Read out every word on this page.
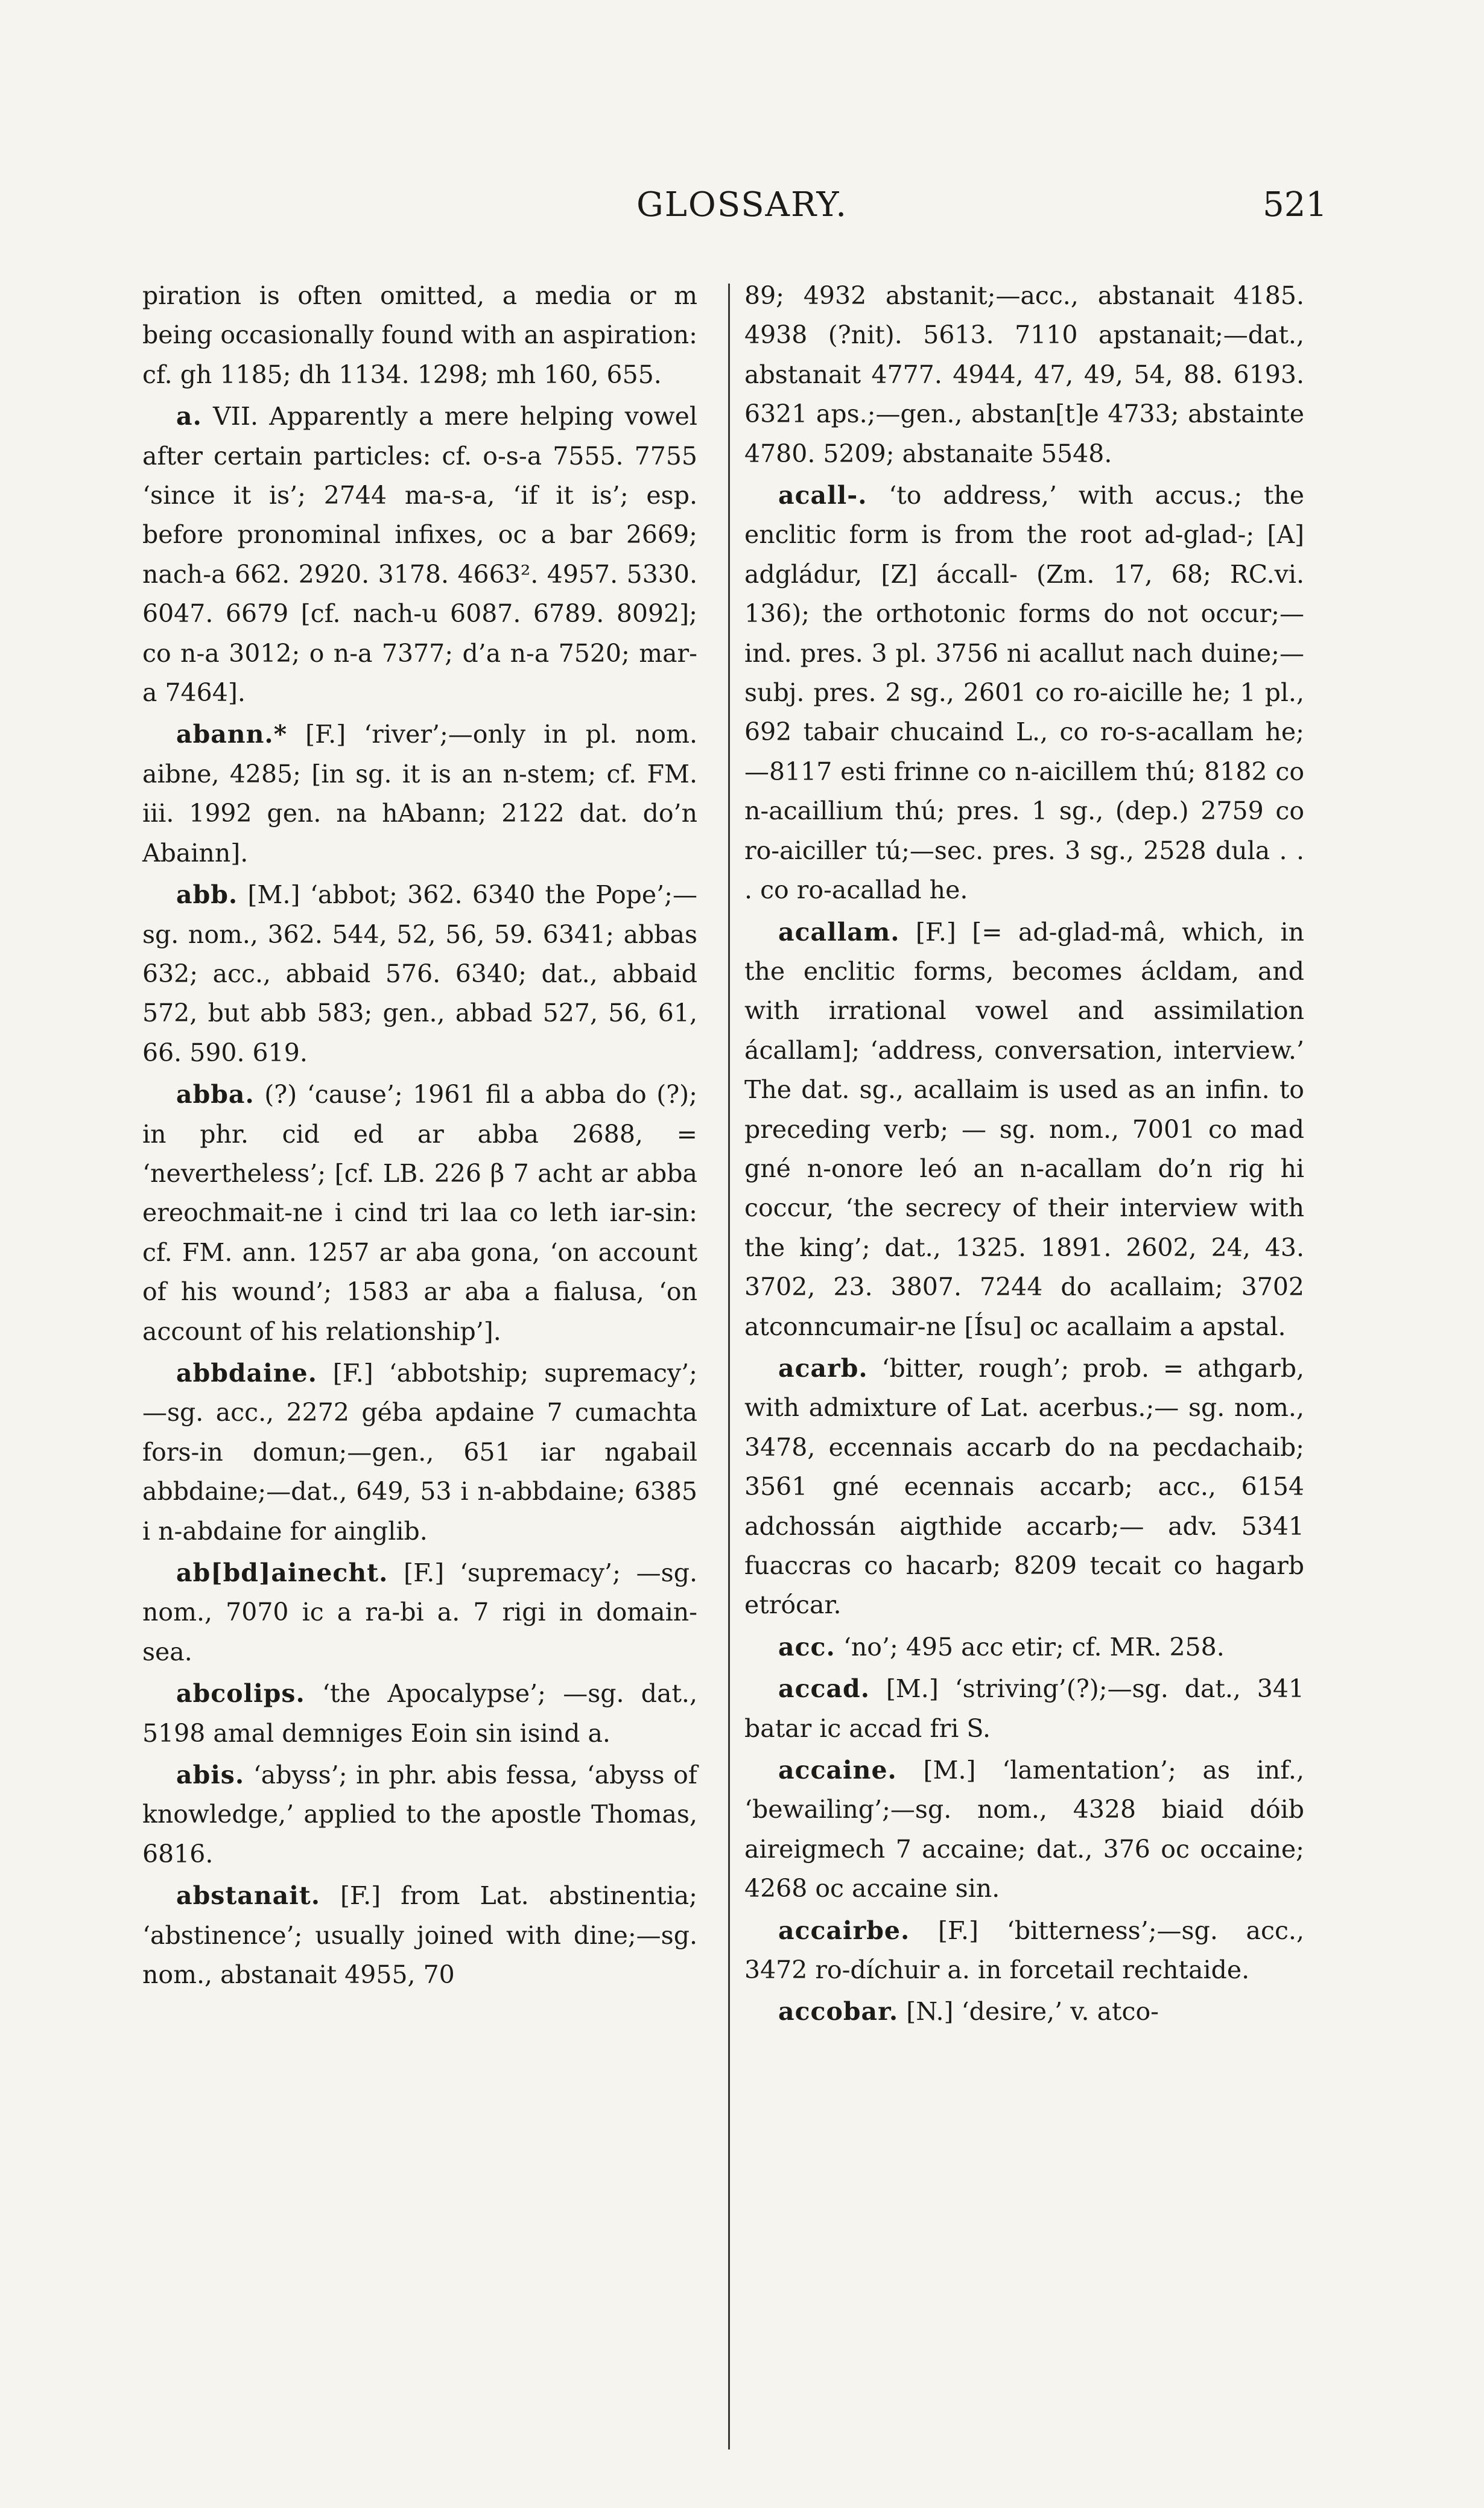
GLOSSARY.	521

piration is often omitted, a media or m being occasionally found with an aspiration: cf. gh 1185; dh 1134. 1298; mh 160, 655.

a. VII. Apparently a mere helping vowel after certain particles: cf. o-s-a 7555. 7755 ‘since it is’; 2744 ma-s-a, ‘if it is’; esp. before pronominal infixes, oc a bar 2669; nach-a 662. 2920. 3178. 4663². 4957. 5330. 6047. 6679 [cf. nach-u 6087. 6789. 8092]; co n-a 3012; o n-a 7377; d’a n-a 7520; mar-a 7464].

abann.* [F.] ‘river’;—only in pl. nom. aibne, 4285; [in sg. it is an n-stem; cf. FM. iii. 1992 gen. na hAbann; 2122 dat. do’n Abainn].

abb. [M.] ‘abbot; 362. 6340 the Pope’;—sg. nom., 362. 544, 52, 56, 59. 6341; abbas 632; acc., abbaid 576. 6340; dat., abbaid 572, but abb 583; gen., abbad 527, 56, 61, 66. 590. 619.

abba. (?) ‘cause’; 1961 fil a abba do (?); in phr. cid ed ar abba 2688, = ‘nevertheless’; [cf. LB. 226 β 7 acht ar abba ereochmait-ne i cind tri laa co leth iar-sin: cf. FM. ann. 1257 ar aba gona, ‘on account of his wound’; 1583 ar aba a fialusa, ‘on account of his relationship’].

abbdaine. [F.] ‘abbotship; supremacy’;—sg. acc., 2272 géba apdaine 7 cumachta fors-in domun;—gen., 651 iar ngabail abbdaine;—dat., 649, 53 i n-abbdaine; 6385 i n-abdaine for ainglib.

ab[bd]ainecht. [F.] ‘supremacy’; —sg. nom., 7070 ic a ra-bi a. 7 rigi in domain-sea.

abcolips. ‘the Apocalypse’; —sg. dat., 5198 amal demniges Eoin sin isind a.

abis. ‘abyss’; in phr. abis fessa, ‘abyss of knowledge,’ applied to the apostle Thomas, 6816.

abstanait. [F.] from Lat. abstinentia; ‘abstinence’; usually joined with dine;—sg. nom., abstanait 4955, 70

89; 4932 abstanit;—acc., abstanait 4185. 4938 (?nit). 5613. 7110 apstanait;—dat., abstanait 4777. 4944, 47, 49, 54, 88. 6193. 6321 aps.;—gen., abstan[t]e 4733; abstainte 4780. 5209; abstanaite 5548.

acall-. ‘to address,’ with accus.; the enclitic form is from the root ad-glad-; [A] adgládur, [Z] áccall- (Zm. 17, 68; RC.vi. 136); the orthotonic forms do not occur;—ind. pres. 3 pl. 3756 ni acallut nach duine;—subj. pres. 2 sg., 2601 co ro-aicille he; 1 pl., 692 tabair chucaind L., co ro-s-acallam he;—8117 esti frinne co n-aicillem thú; 8182 co n-acaillium thú; pres. 1 sg., (dep.) 2759 co ro-aiciller tú;—sec. pres. 3 sg., 2528 dula . . . co ro-acallad he.

acallam. [F.] [= ad-glad-mâ, which, in the enclitic forms, becomes ácldam, and with irrational vowel and assimilation ácallam]; ‘address, conversation, interview.’ The dat. sg., acallaim is used as an infin. to preceding verb; — sg. nom., 7001 co mad gné n-onore leó an n-acallam do’n rig hi coccur, ‘the secrecy of their interview with the king’; dat., 1325. 1891. 2602, 24, 43. 3702, 23. 3807. 7244 do acallaim; 3702 atconncumair-ne [Ísu] oc acallaim a apstal.

acarb. ‘bitter, rough’; prob. = athgarb, with admixture of Lat. acerbus.;— sg. nom., 3478, eccennais accarb do na pecdachaib; 3561 gné ecennais accarb; acc., 6154 adchossán aigthide accarb;— adv. 5341 fuaccras co hacarb; 8209 tecait co hagarb etrócar.

acc. ‘no’; 495 acc etir; cf. MR. 258.

accad. [M.] ‘striving’(?);—sg. dat., 341 batar ic accad fri S.

accaine. [M.] ‘lamentation’; as inf., ‘bewailing’;—sg. nom., 4328 biaid dóib aireigmech 7 accaine; dat., 376 oc occaine; 4268 oc accaine sin.

accairbe. [F.] ‘bitterness’;—sg. acc., 3472 ro-díchuir a. in forcetail rechtaide.

accobar. [N.] ‘desire,’ v. atco-
